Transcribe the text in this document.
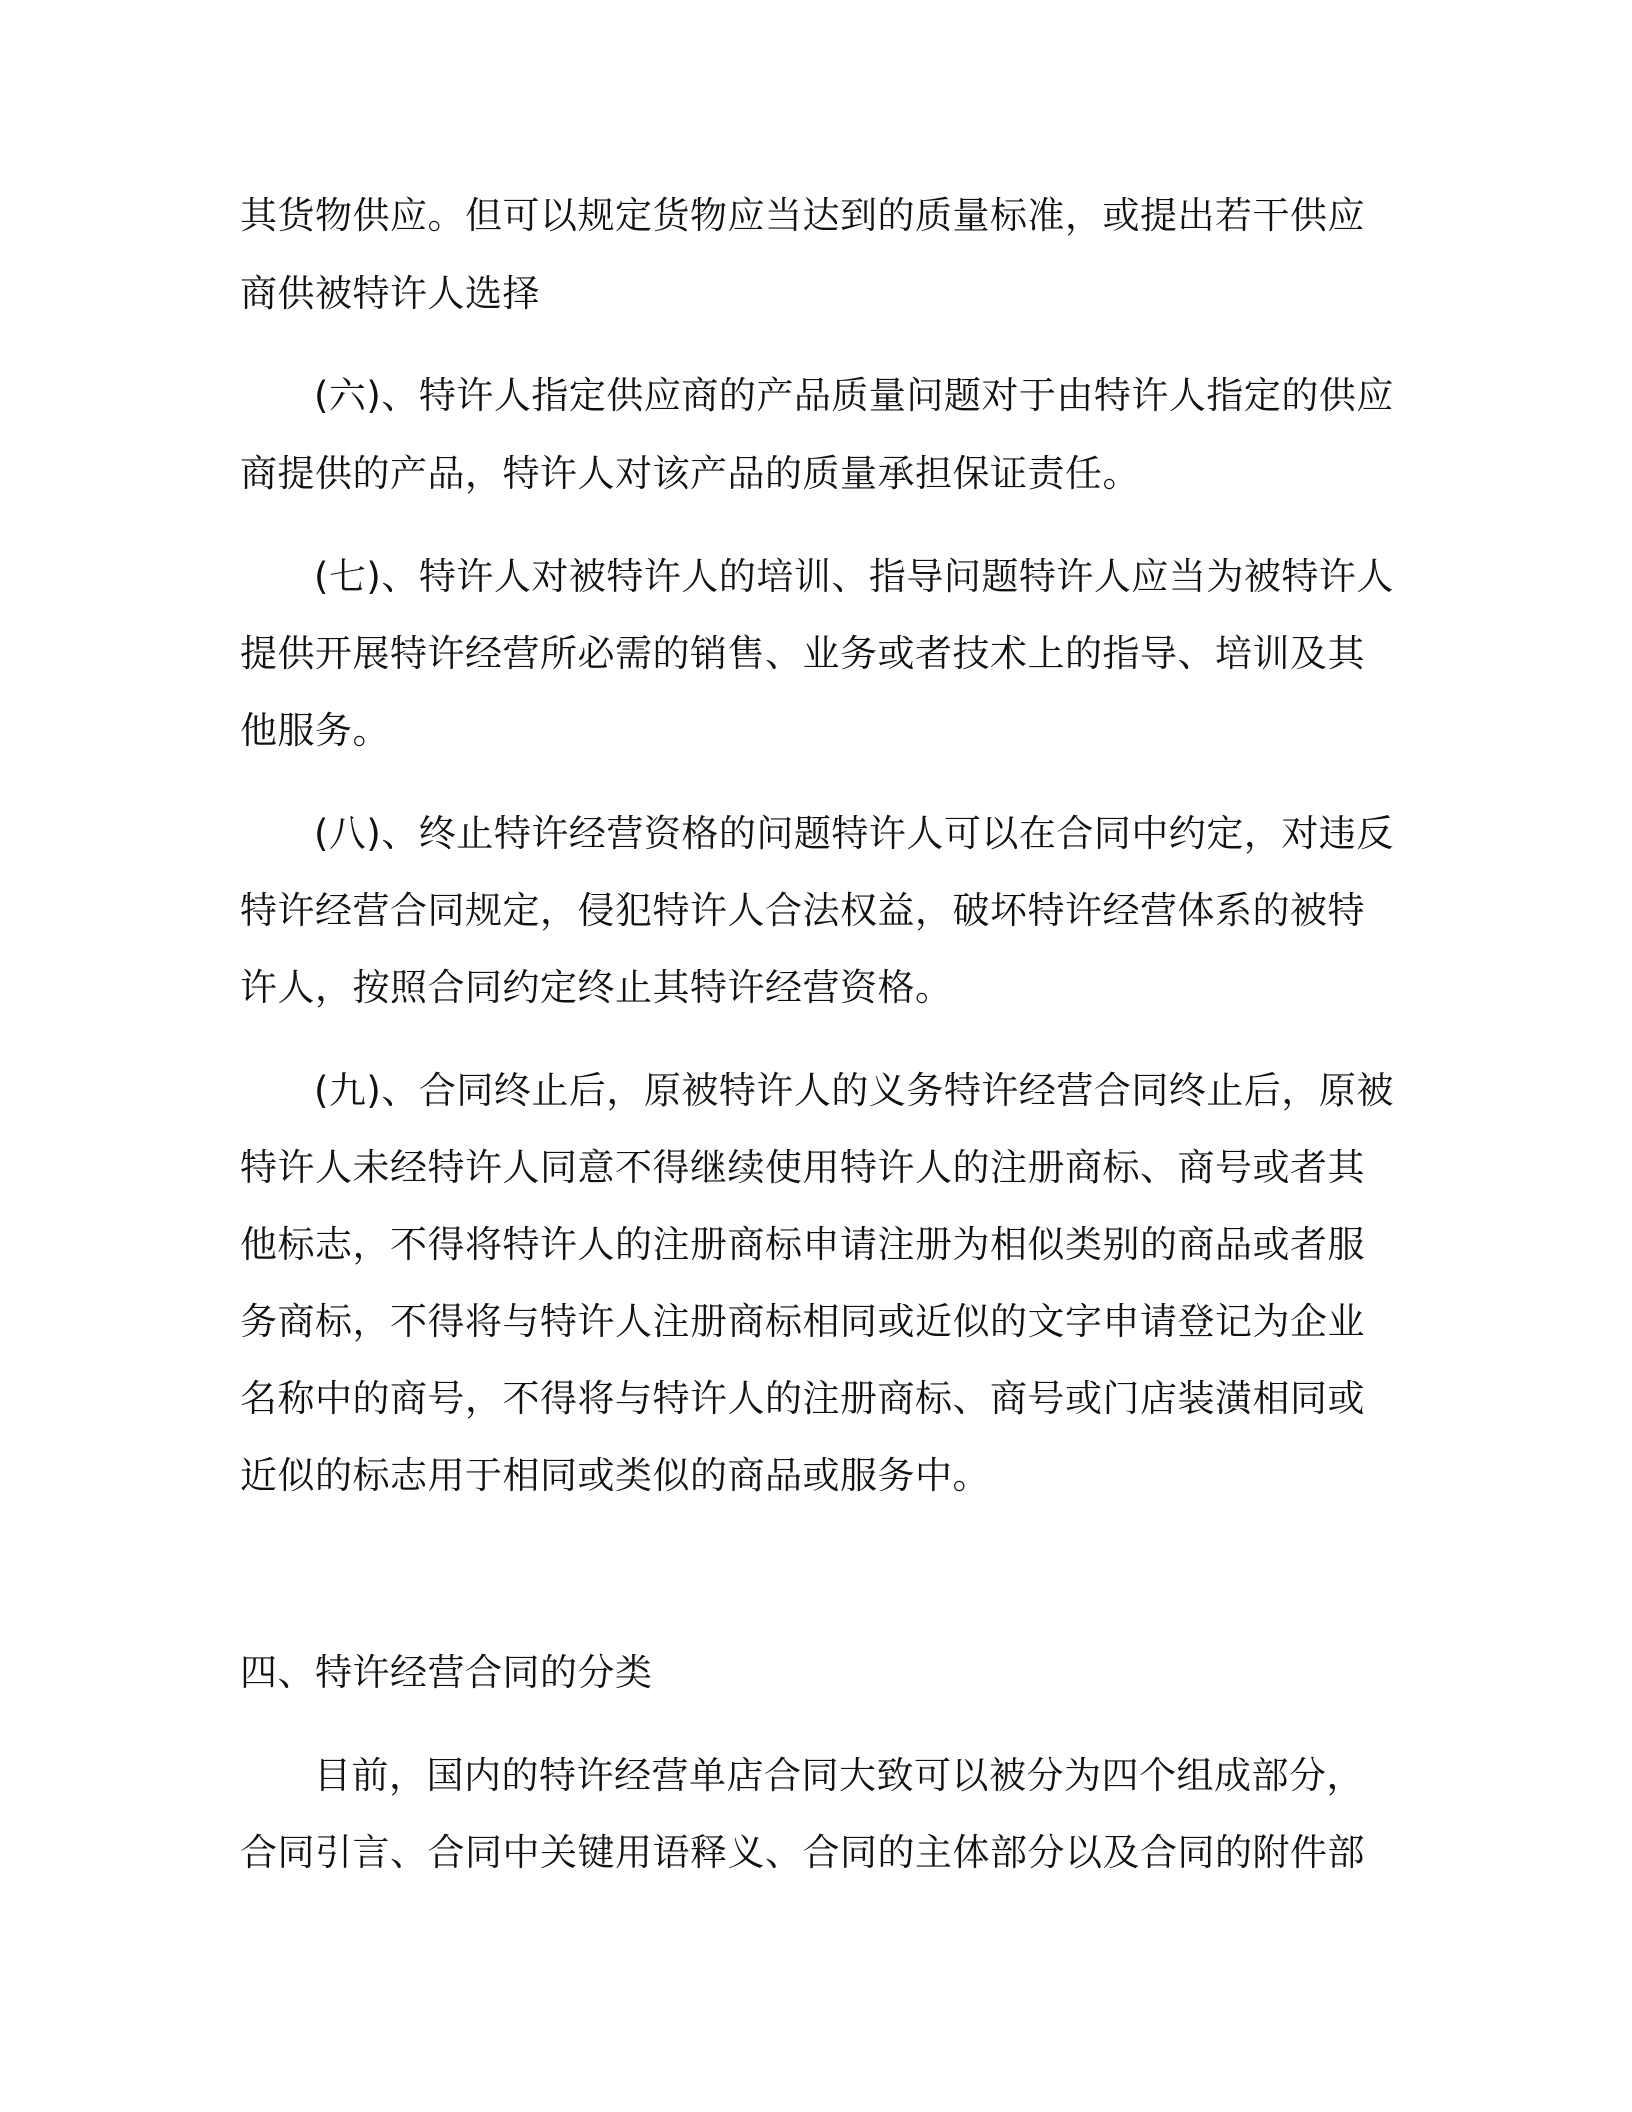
其货物供应。但可以规定货物应当达到的质量标准，或提出若干供应
商供被特许人选择
(六)、特许人指定供应商的产品质量问题对于由特许人指定的供应
商提供的产品，特许人对该产品的质量承担保证责任。
(七)、特许人对被特许人的培训、指导问题特许人应当为被特许人
提供开展特许经营所必需的销售、业务或者技术上的指导、培训及其
他服务。
(八)、终止特许经营资格的问题特许人可以在合同中约定，对违反
特许经营合同规定，侵犯特许人合法权益，破坏特许经营体系的被特
许人，按照合同约定终止其特许经营资格。
(九)、合同终止后，原被特许人的义务特许经营合同终止后，原被
特许人未经特许人同意不得继续使用特许人的注册商标、商号或者其
他标志，不得将特许人的注册商标申请注册为相似类别的商品或者服
务商标，不得将与特许人注册商标相同或近似的文字申请登记为企业
名称中的商号，不得将与特许人的注册商标、商号或门店装潢相同或
近似的标志用于相同或类似的商品或服务中。
四、特许经营合同的分类
目前，国内的特许经营单店合同大致可以被分为四个组成部分，
合同引言、合同中关键用语释义、合同的主体部分以及合同的附件部
